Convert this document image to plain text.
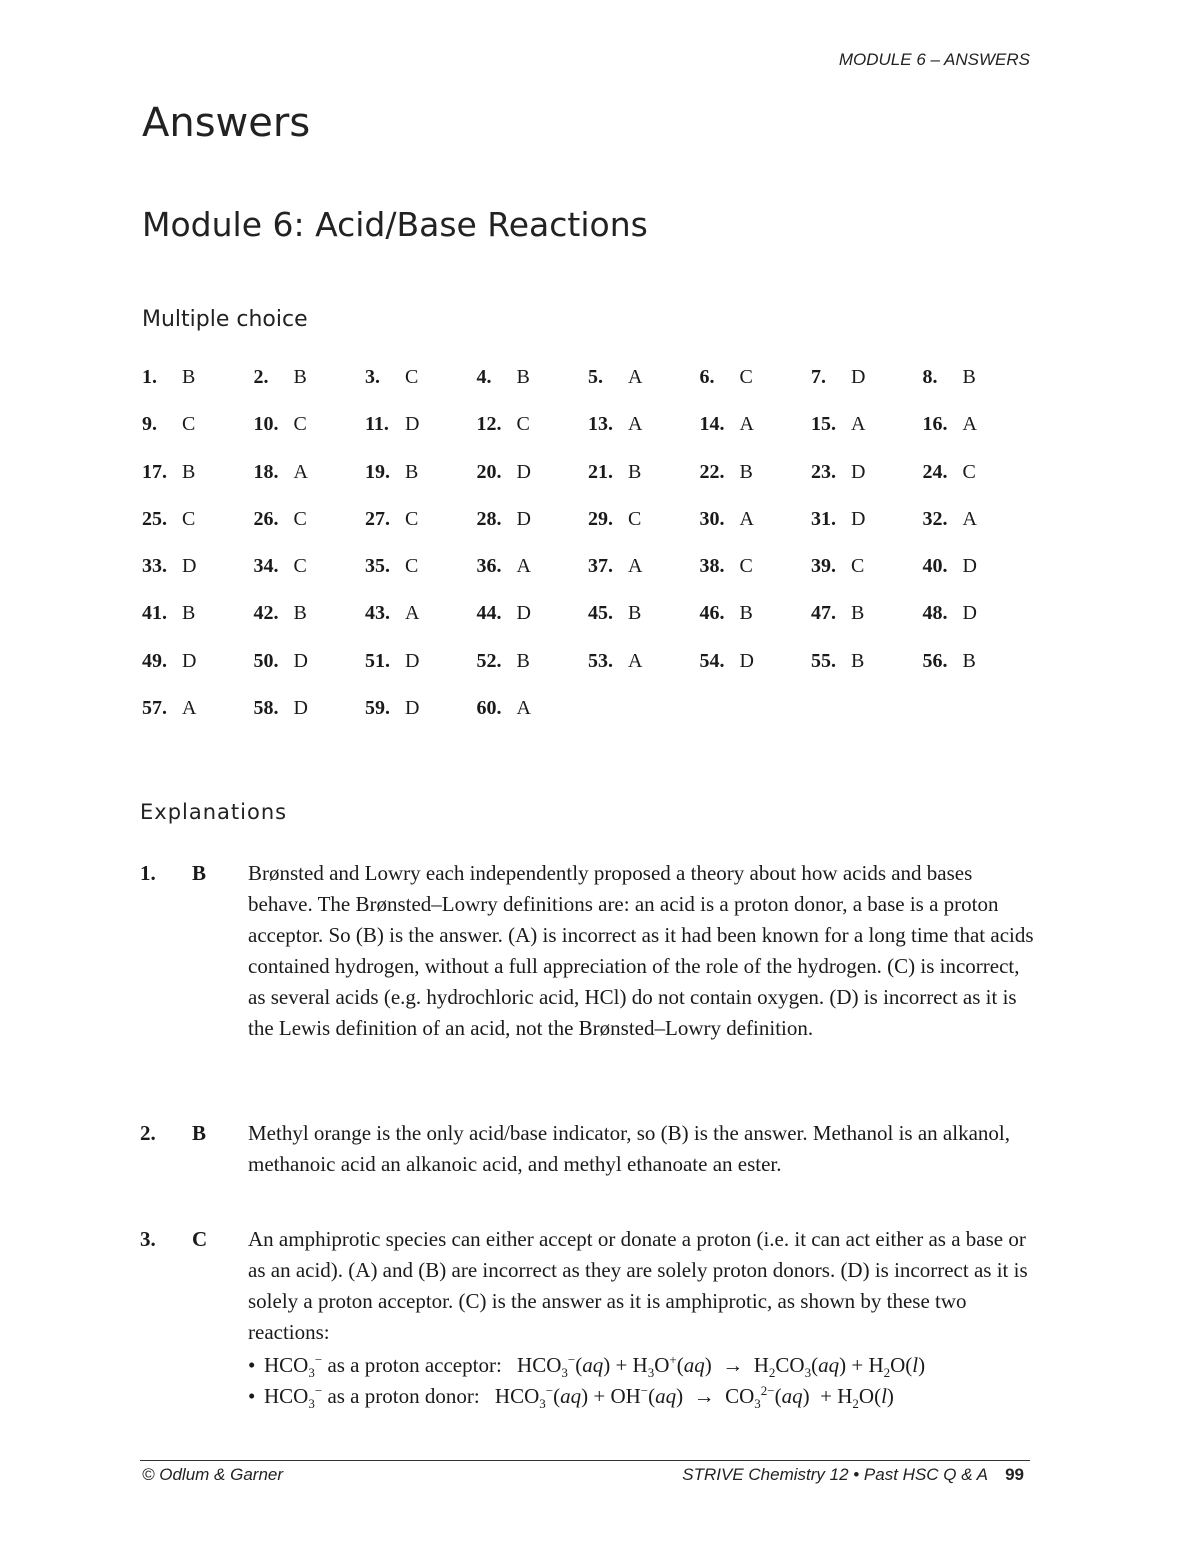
MODULE 6 – ANSWERS
Answers
Module 6: Acid/Base Reactions
Multiple choice
1. B	2. B	3. C	4. B	5. A	6. C	7. D	8. B
9. C	10. C	11. D	12. C	13. A	14. A	15. A	16. A
17. B	18. A	19. B	20. D	21. B	22. B	23. D	24. C
25. C	26. C	27. C	28. D	29. C	30. A	31. D	32. A
33. D	34. C	35. C	36. A	37. A	38. C	39. C	40. D
41. B	42. B	43. A	44. D	45. B	46. B	47. B	48. D
49. D	50. D	51. D	52. B	53. A	54. D	55. B	56. B
57. A	58. D	59. D	60. A
Explanations
1. B Brønsted and Lowry each independently proposed a theory about how acids and bases behave. The Brønsted–Lowry definitions are: an acid is a proton donor, a base is a proton acceptor. So (B) is the answer. (A) is incorrect as it had been known for a long time that acids contained hydrogen, without a full appreciation of the role of the hydrogen. (C) is incorrect, as several acids (e.g. hydrochloric acid, HCl) do not contain oxygen. (D) is incorrect as it is the Lewis definition of an acid, not the Brønsted–Lowry definition.
2. B Methyl orange is the only acid/base indicator, so (B) is the answer. Methanol is an alkanol, methanoic acid an alkanoic acid, and methyl ethanoate an ester.
3. C An amphiprotic species can either accept or donate a proton (i.e. it can act either as a base or as an acid). (A) and (B) are incorrect as they are solely proton donors. (D) is incorrect as it is solely a proton acceptor. (C) is the answer as it is amphiprotic, as shown by these two reactions:
• $HCO_3^-$ as a proton acceptor: $HCO_3^-(aq) + H_3O^+(aq) \to H_2CO_3(aq) + H_2O(l)$
• $HCO_3^-$ as a proton donor: $HCO_3^-(aq) + OH^-(aq) \to CO_3^{2-}(aq) + H_2O(l)$
© Odlum & Garner	STRIVE Chemistry 12 • Past HSC Q & A 99
